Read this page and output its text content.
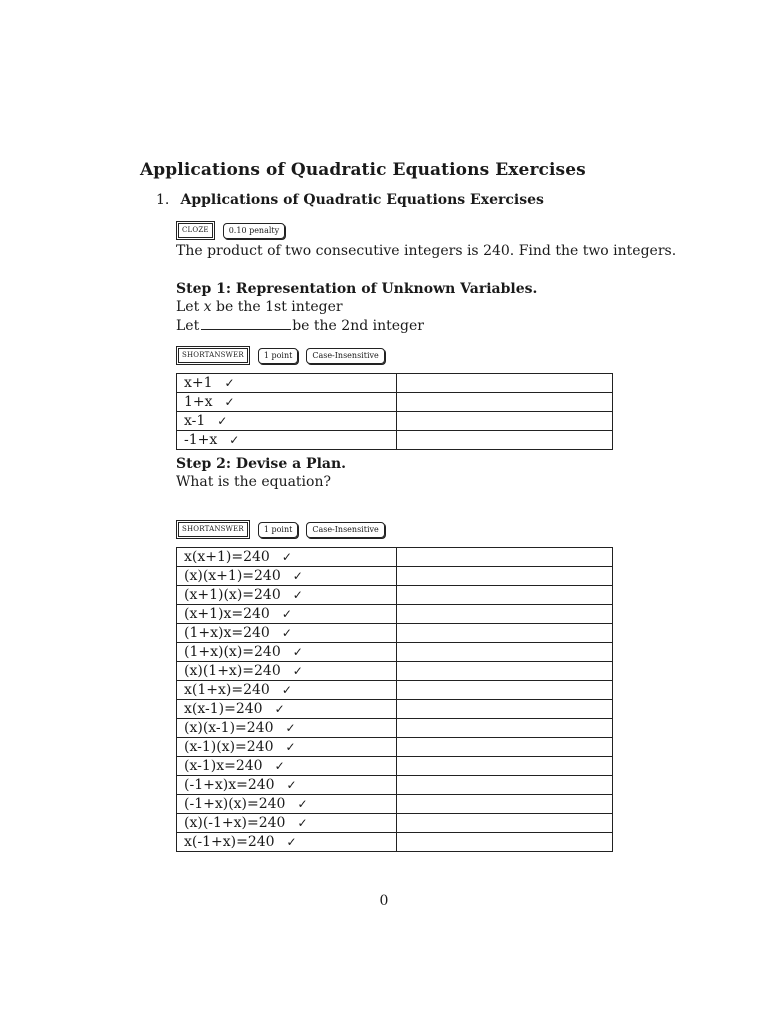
Applications of Quadratic Equations Exercises
1. Applications of Quadratic Equations Exercises
CLOZE	0.10 penalty
The product of two consecutive integers is 240. Find the two integers.
Step 1: Representation of Unknown Variables.
Let x be the 1st integer
Let	be the 2nd integer
SHORTANSWER	1 point	Case-Insensitive
x+1 ✓	
1+x ✓	
x-1 ✓	
-1+x ✓	
Step 2: Devise a Plan.
What is the equation?
SHORTANSWER	1 point	Case-Insensitive
x(x+1)=240 ✓	
(x)(x+1)=240 ✓	
(x+1)(x)=240 ✓	
(x+1)x=240 ✓	
(1+x)x=240 ✓	
(1+x)(x)=240 ✓	
(x)(1+x)=240 ✓	
x(1+x)=240 ✓	
x(x-1)=240 ✓	
(x)(x-1)=240 ✓	
(x-1)(x)=240 ✓	
(x-1)x=240 ✓	
(-1+x)x=240 ✓	
(-1+x)(x)=240 ✓	
(x)(-1+x)=240 ✓	
x(-1+x)=240 ✓	
0
